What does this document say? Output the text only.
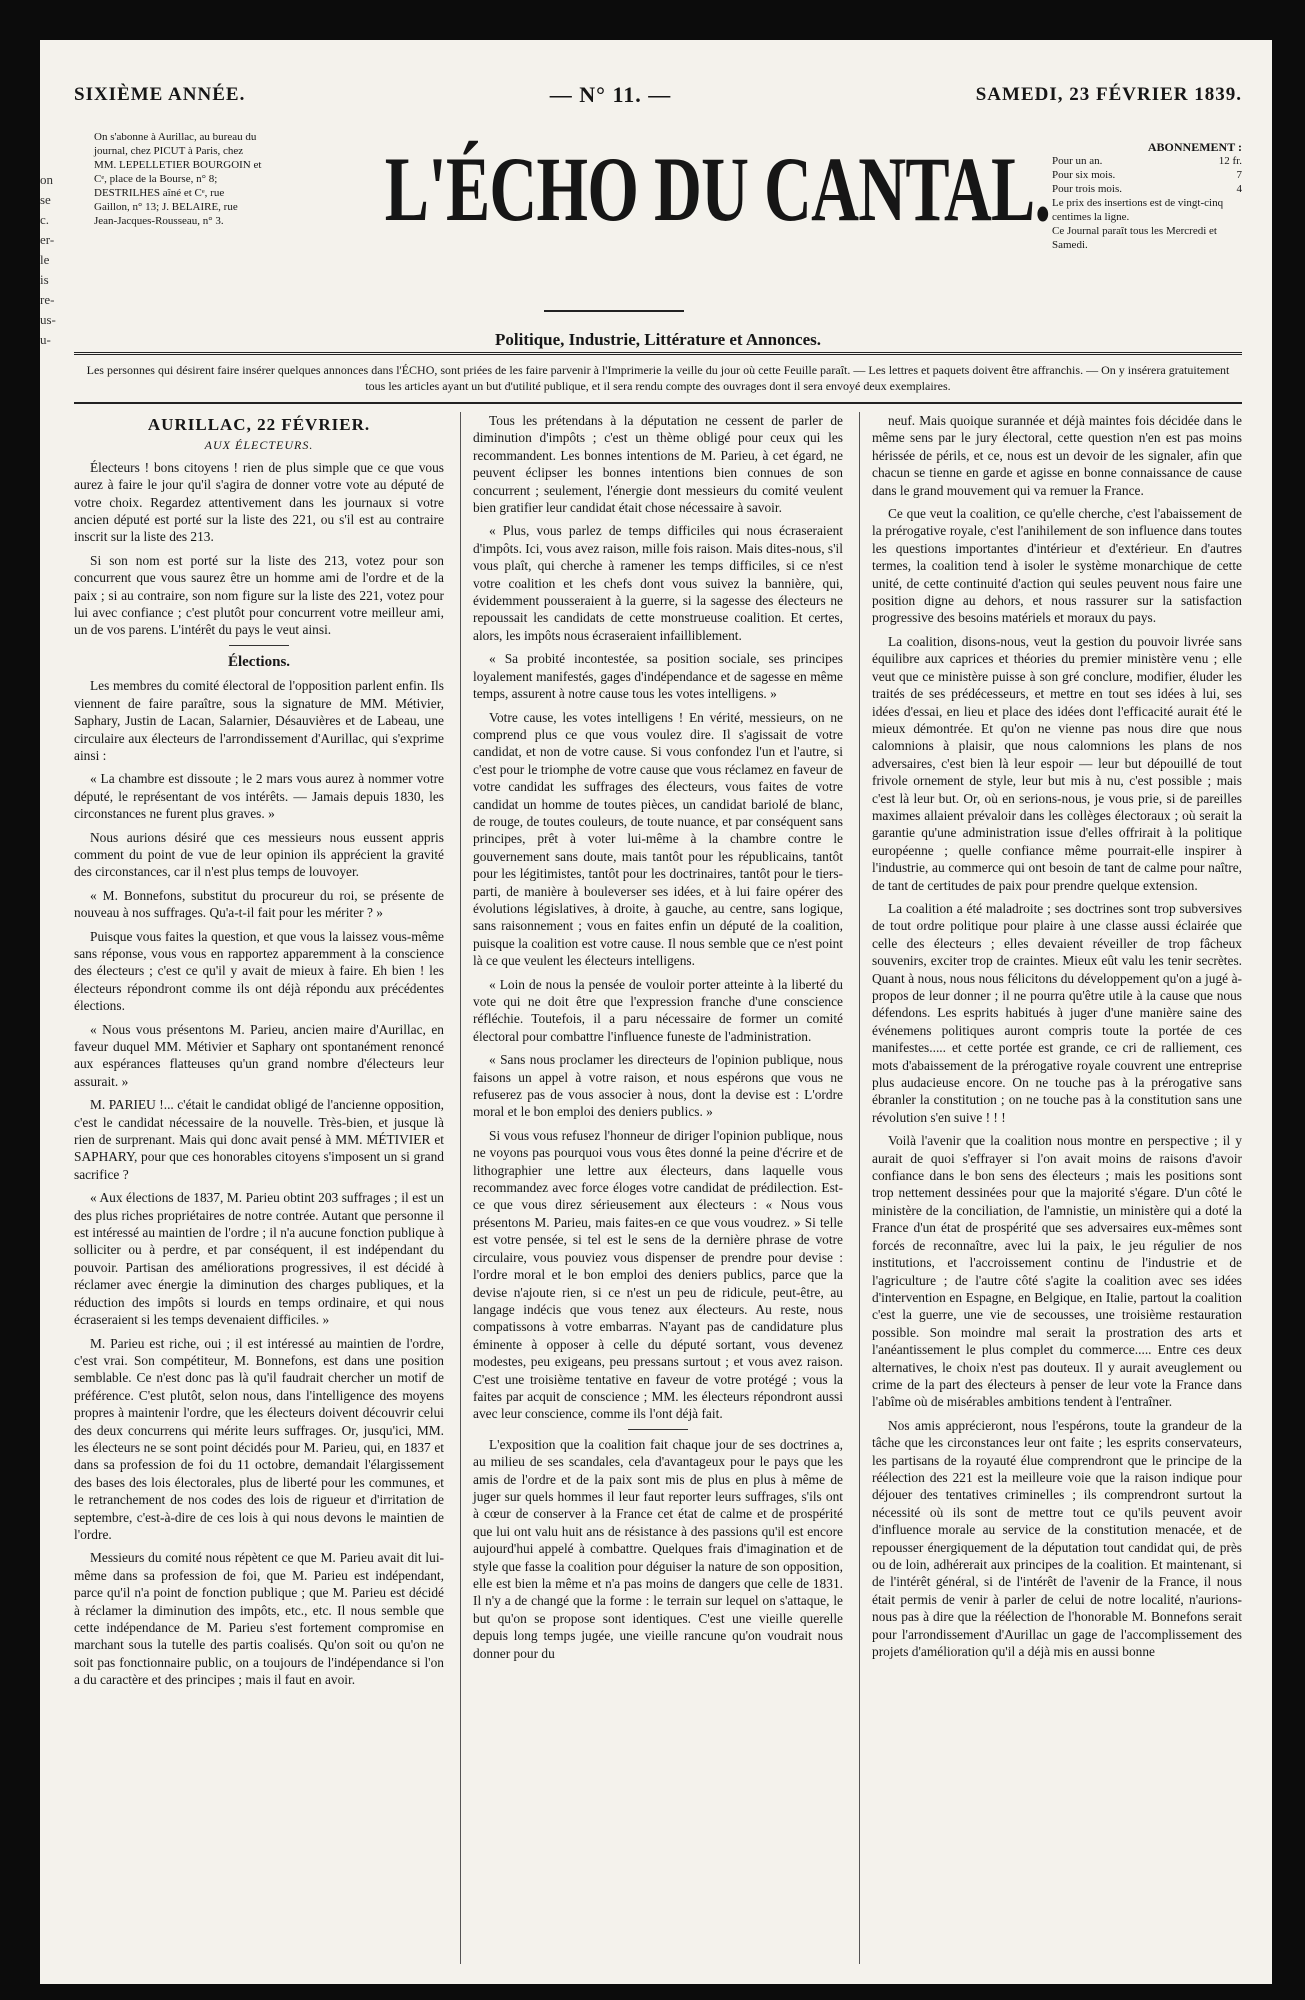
on
se
c.
er-
le
is
re-
us-
u-
SIXIÈME ANNÉE.	— N° 11. —	SAMEDI, 23 FÉVRIER 1839.
On s'abonne à Aurillac, au bureau du journal, chez PICUT à Paris, chez MM. LEPELLETIER BOURGOIN et Cᵉ, place de la Bourse, n° 8; DESTRILHES aîné et Cᵉ, rue Gaillon, n° 13; J. BELAIRE, rue Jean-Jacques-Rousseau, n° 3.	L'ÉCHO DU CANTAL.	ABONNEMENT :
Pour un an.	12 fr.
Pour six mois.	7
Pour trois mois.	4
Le prix des insertions est de vingt-cinq centimes la ligne.
Ce Journal paraît tous les Mercredi et Samedi.
Politique, Industrie, Littérature et Annonces.
Les personnes qui désirent faire insérer quelques annonces dans l'ÉCHO, sont priées de les faire parvenir à l'Imprimerie la veille du jour où cette Feuille paraît. — Les lettres et paquets doivent être affranchis. — On y insérera gratuitement tous les articles ayant un but d'utilité publique, et il sera rendu compte des ouvrages dont il sera envoyé deux exemplaires.
AURILLAC, 22 FÉVRIER.
AUX ÉLECTEURS.

Électeurs ! bons citoyens ! rien de plus simple que ce que vous aurez à faire le jour qu'il s'agira de donner votre vote au député de votre choix. Regardez attentivement dans les journaux si votre ancien député est porté sur la liste des 221, ou s'il est au contraire inscrit sur la liste des 213.

Si son nom est porté sur la liste des 213, votez pour son concurrent que vous saurez être un homme ami de l'ordre et de la paix ; si au contraire, son nom figure sur la liste des 221, votez pour lui avec confiance ; c'est plutôt pour concurrent votre meilleur ami, un de vos parens. L'intérêt du pays le veut ainsi.

Élections.

Les membres du comité électoral de l'opposition parlent enfin. Ils viennent de faire paraître, sous la signature de MM. Métivier, Saphary, Justin de Lacan, Salarnier, Désauvières et de Labeau, une circulaire aux électeurs de l'arrondissement d'Aurillac, qui s'exprime ainsi :

« La chambre est dissoute ; le 2 mars vous aurez à nommer votre député, le représentant de vos intérêts. — Jamais depuis 1830, les circonstances ne furent plus graves. »

Nous aurions désiré que ces messieurs nous eussent appris comment du point de vue de leur opinion ils apprécient la gravité des circonstances, car il n'est plus temps de louvoyer.

« M. Bonnefons, substitut du procureur du roi, se présente de nouveau à nos suffrages. Qu'a-t-il fait pour les mériter ? »

Puisque vous faites la question, et que vous la laissez vous-même sans réponse, vous vous en rapportez apparemment à la conscience des électeurs ; c'est ce qu'il y avait de mieux à faire. Eh bien ! les électeurs répondront comme ils ont déjà répondu aux précédentes élections.

« Nous vous présentons M. Parieu, ancien maire d'Aurillac, en faveur duquel MM. Métivier et Saphary ont spontanément renoncé aux espérances flatteuses qu'un grand nombre d'électeurs leur assurait. »

M. PARIEU !... c'était le candidat obligé de l'ancienne opposition, c'est le candidat nécessaire de la nouvelle. Très-bien, et jusque là rien de surprenant. Mais qui donc avait pensé à MM. MÉTIVIER et SAPHARY, pour que ces honorables citoyens s'imposent un si grand sacrifice ?

« Aux élections de 1837, M. Parieu obtint 203 suffrages ; il est un des plus riches propriétaires de notre contrée. Autant que personne il est intéressé au maintien de l'ordre ; il n'a aucune fonction publique à solliciter ou à perdre, et par conséquent, il est indépendant du pouvoir. Partisan des améliorations progressives, il est décidé à réclamer avec énergie la diminution des charges publiques, et la réduction des impôts si lourds en temps ordinaire, et qui nous écraseraient si les temps devenaient difficiles. »

M. Parieu est riche, oui ; il est intéressé au maintien de l'ordre, c'est vrai. Son compétiteur, M. Bonnefons, est dans une position semblable. Ce n'est donc pas là qu'il faudrait chercher un motif de préférence. C'est plutôt, selon nous, dans l'intelligence des moyens propres à maintenir l'ordre, que les électeurs doivent découvrir celui des deux concurrens qui mérite leurs suffrages. Or, jusqu'ici, MM. les électeurs ne se sont point décidés pour M. Parieu, qui, en 1837 et dans sa profession de foi du 11 octobre, demandait l'élargissement des bases des lois électorales, plus de liberté pour les communes, et le retranchement de nos codes des lois de rigueur et d'irritation de septembre, c'est-à-dire de ces lois à qui nous devons le maintien de l'ordre.

Messieurs du comité nous répètent ce que M. Parieu avait dit lui-même dans sa profession de foi, que M. Parieu est indépendant, parce qu'il n'a point de fonction publique ; que M. Parieu est décidé à réclamer la diminution des impôts, etc., etc. Il nous semble que cette indépendance de M. Parieu s'est fortement compromise en marchant sous la tutelle des partis coalisés. Qu'on soit ou qu'on ne soit pas fonctionnaire public, on a toujours de l'indépendance si l'on a du caractère et des principes ; mais il faut en avoir.

Tous les prétendans à la députation ne cessent de parler de diminution d'impôts ; c'est un thème obligé pour ceux qui les recommandent. Les bonnes intentions de M. Parieu, à cet égard, ne peuvent éclipser les bonnes intentions bien connues de son concurrent ; seulement, l'énergie dont messieurs du comité veulent bien gratifier leur candidat était chose nécessaire à savoir.

« Plus, vous parlez de temps difficiles qui nous écraseraient d'impôts. Ici, vous avez raison, mille fois raison. Mais dites-nous, s'il vous plaît, qui cherche à ramener les temps difficiles, si ce n'est votre coalition et les chefs dont vous suivez la bannière, qui, évidemment pousseraient à la guerre, si la sagesse des électeurs ne repoussait les candidats de cette monstrueuse coalition. Et certes, alors, les impôts nous écraseraient infailliblement.

« Sa probité incontestée, sa position sociale, ses principes loyalement manifestés, gages d'indépendance et de sagesse en même temps, assurent à notre cause tous les votes intelligens. »

Votre cause, les votes intelligens ! En vérité, messieurs, on ne comprend plus ce que vous voulez dire. Il s'agissait de votre candidat, et non de votre cause. Si vous confondez l'un et l'autre, si c'est pour le triomphe de votre cause que vous réclamez en faveur de votre candidat les suffrages des électeurs, vous faites de votre candidat un homme de toutes pièces, un candidat bariolé de blanc, de rouge, de toutes couleurs, de toute nuance, et par conséquent sans principes, prêt à voter lui-même à la chambre contre le gouvernement sans doute, mais tantôt pour les républicains, tantôt pour les légitimistes, tantôt pour les doctrinaires, tantôt pour le tiers-parti, de manière à bouleverser ses idées, et à lui faire opérer des évolutions législatives, à droite, à gauche, au centre, sans logique, sans raisonnement ; vous en faites enfin un député de la coalition, puisque la coalition est votre cause. Il nous semble que ce n'est point là ce que veulent les électeurs intelligens.

« Loin de nous la pensée de vouloir porter atteinte à la liberté du vote qui ne doit être que l'expression franche d'une conscience réfléchie. Toutefois, il a paru nécessaire de former un comité électoral pour combattre l'influence funeste de l'administration.

« Sans nous proclamer les directeurs de l'opinion publique, nous faisons un appel à votre raison, et nous espérons que vous ne refuserez pas de vous associer à nous, dont la devise est : L'ordre moral et le bon emploi des deniers publics. »

Si vous vous refusez l'honneur de diriger l'opinion publique, nous ne voyons pas pourquoi vous vous êtes donné la peine d'écrire et de lithographier une lettre aux électeurs, dans laquelle vous recommandez avec force éloges votre candidat de prédilection. Est-ce que vous direz sérieusement aux électeurs : « Nous vous présentons M. Parieu, mais faites-en ce que vous voudrez. » Si telle est votre pensée, si tel est le sens de la dernière phrase de votre circulaire, vous pouviez vous dispenser de prendre pour devise : l'ordre moral et le bon emploi des deniers publics, parce que la devise n'ajoute rien, si ce n'est un peu de ridicule, peut-être, au langage indécis que vous tenez aux électeurs. Au reste, nous compatissons à votre embarras. N'ayant pas de candidature plus éminente à opposer à celle du député sortant, vous devenez modestes, peu exigeans, peu pressans surtout ; et vous avez raison. C'est une troisième tentative en faveur de votre protégé ; vous la faites par acquit de conscience ; MM. les électeurs répondront aussi avec leur conscience, comme ils l'ont déjà fait.

L'exposition que la coalition fait chaque jour de ses doctrines a, au milieu de ses scandales, cela d'avantageux pour le pays que les amis de l'ordre et de la paix sont mis de plus en plus à même de juger sur quels hommes il leur faut reporter leurs suffrages, s'ils ont à cœur de conserver à la France cet état de calme et de prospérité que lui ont valu huit ans de résistance à des passions qu'il est encore aujourd'hui appelé à combattre. Quelques frais d'imagination et de style que fasse la coalition pour déguiser la nature de son opposition, elle est bien la même et n'a pas moins de dangers que celle de 1831. Il n'y a de changé que la forme : le terrain sur lequel on s'attaque, le but qu'on se propose sont identiques. C'est une vieille querelle depuis long temps jugée, une vieille rancune qu'on voudrait nous donner pour du

neuf. Mais quoique surannée et déjà maintes fois décidée dans le même sens par le jury électoral, cette question n'en est pas moins hérissée de périls, et ce, nous est un devoir de les signaler, afin que chacun se tienne en garde et agisse en bonne connaissance de cause dans le grand mouvement qui va remuer la France.

Ce que veut la coalition, ce qu'elle cherche, c'est l'abaissement de la prérogative royale, c'est l'anihilement de son influence dans toutes les questions importantes d'intérieur et d'extérieur. En d'autres termes, la coalition tend à isoler le système monarchique de cette unité, de cette continuité d'action qui seules peuvent nous faire une position digne au dehors, et nous rassurer sur la satisfaction progressive des besoins matériels et moraux du pays.

La coalition, disons-nous, veut la gestion du pouvoir livrée sans équilibre aux caprices et théories du premier ministère venu ; elle veut que ce ministère puisse à son gré conclure, modifier, éluder les traités de ses prédécesseurs, et mettre en tout ses idées à lui, ses idées d'essai, en lieu et place des idées dont l'efficacité aurait été le mieux démontrée. Et qu'on ne vienne pas nous dire que nous calomnions à plaisir, que nous calomnions les plans de nos adversaires, c'est bien là leur espoir — leur but dépouillé de tout frivole ornement de style, leur but mis à nu, c'est possible ; mais c'est là leur but. Or, où en serions-nous, je vous prie, si de pareilles maximes allaient prévaloir dans les collèges électoraux ; où serait la garantie qu'une administration issue d'elles offrirait à la politique européenne ; quelle confiance même pourrait-elle inspirer à l'industrie, au commerce qui ont besoin de tant de calme pour naître, de tant de certitudes de paix pour prendre quelque extension.

La coalition a été maladroite ; ses doctrines sont trop subversives de tout ordre politique pour plaire à une classe aussi éclairée que celle des électeurs ; elles devaient réveiller de trop fâcheux souvenirs, exciter trop de craintes. Mieux eût valu les tenir secrètes. Quant à nous, nous nous félicitons du développement qu'on a jugé à-propos de leur donner ; il ne pourra qu'être utile à la cause que nous défendons. Les esprits habitués à juger d'une manière saine des événemens politiques auront compris toute la portée de ces manifestes..... et cette portée est grande, ce cri de ralliement, ces mots d'abaissement de la prérogative royale couvrent une entreprise plus audacieuse encore. On ne touche pas à la prérogative sans ébranler la constitution ; on ne touche pas à la constitution sans une révolution s'en suive ! ! !

Voilà l'avenir que la coalition nous montre en perspective ; il y aurait de quoi s'effrayer si l'on avait moins de raisons d'avoir confiance dans le bon sens des électeurs ; mais les positions sont trop nettement dessinées pour que la majorité s'égare. D'un côté le ministère de la conciliation, de l'amnistie, un ministère qui a doté la France d'un état de prospérité que ses adversaires eux-mêmes sont forcés de reconnaître, avec lui la paix, le jeu régulier de nos institutions, et l'accroissement continu de l'industrie et de l'agriculture ; de l'autre côté s'agite la coalition avec ses idées d'intervention en Espagne, en Belgique, en Italie, partout la coalition c'est la guerre, une vie de secousses, une troisième restauration possible. Son moindre mal serait la prostration des arts et l'anéantissement le plus complet du commerce..... Entre ces deux alternatives, le choix n'est pas douteux. Il y aurait aveuglement ou crime de la part des électeurs à penser de leur vote la France dans l'abîme où de misérables ambitions tendent à l'entraîner.

Nos amis apprécieront, nous l'espérons, toute la grandeur de la tâche que les circonstances leur ont faite ; les esprits conservateurs, les partisans de la royauté élue comprendront que le principe de la réélection des 221 est la meilleure voie que la raison indique pour déjouer des tentatives criminelles ; ils comprendront surtout la nécessité où ils sont de mettre tout ce qu'ils peuvent avoir d'influence morale au service de la constitution menacée, et de repousser énergiquement de la députation tout candidat qui, de près ou de loin, adhérerait aux principes de la coalition. Et maintenant, si de l'intérêt général, si de l'intérêt de l'avenir de la France, il nous était permis de venir à parler de celui de notre localité, n'aurions-nous pas à dire que la réélection de l'honorable M. Bonnefons serait pour l'arrondissement d'Aurillac un gage de l'accomplissement des projets d'amélioration qu'il a déjà mis en aussi bonne
